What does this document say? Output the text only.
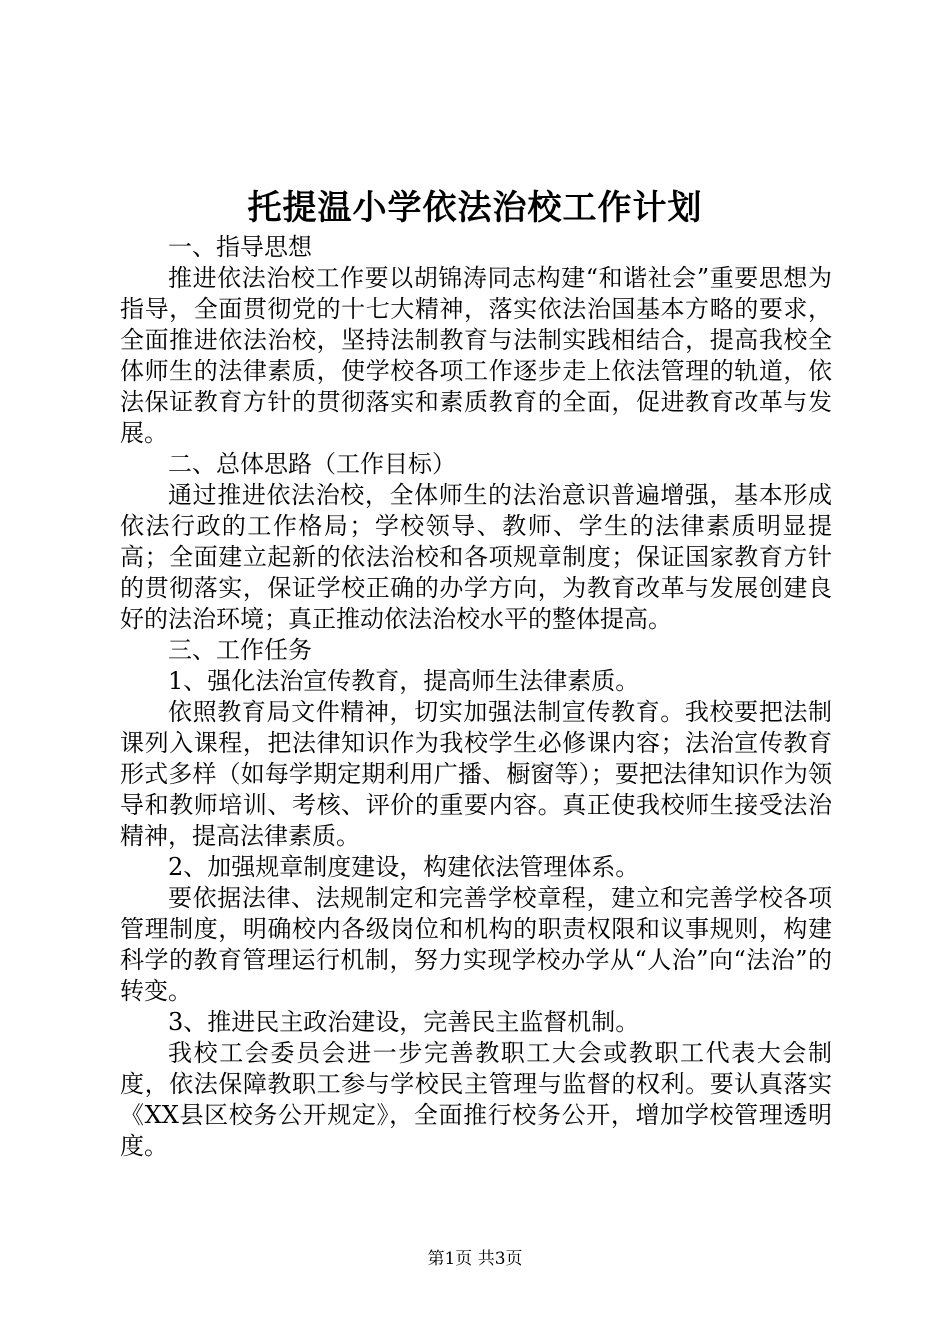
托提温小学依法治校工作计划

一、指导思想

推进依法治校工作要以胡锦涛同志构建“和谐社会”重要思想为指导，全面贯彻党的十七大精神，落实依法治国基本方略的要求，全面推进依法治校，坚持法制教育与法制实践相结合，提高我校全体师生的法律素质，使学校各项工作逐步走上依法管理的轨道，依法保证教育方针的贯彻落实和素质教育的全面，促进教育改革与发展。

二、总体思路（工作目标）

通过推进依法治校，全体师生的法治意识普遍增强，基本形成依法行政的工作格局；学校领导、教师、学生的法律素质明显提高；全面建立起新的依法治校和各项规章制度；保证国家教育方针的贯彻落实，保证学校正确的办学方向，为教育改革与发展创建良好的法治环境；真正推动依法治校水平的整体提高。

三、工作任务

1、强化法治宣传教育，提高师生法律素质。

依照教育局文件精神，切实加强法制宣传教育。我校要把法制课列入课程，把法律知识作为我校学生必修课内容；法治宣传教育形式多样（如每学期定期利用广播、橱窗等）；要把法律知识作为领导和教师培训、考核、评价的重要内容。真正使我校师生接受法治精神，提高法律素质。

2、加强规章制度建设，构建依法管理体系。

要依据法律、法规制定和完善学校章程，建立和完善学校各项管理制度，明确校内各级岗位和机构的职责权限和议事规则，构建科学的教育管理运行机制，努力实现学校办学从“人治”向“法治”的转变。

3、推进民主政治建设，完善民主监督机制。

我校工会委员会进一步完善教职工大会或教职工代表大会制度，依法保障教职工参与学校民主管理与监督的权利。要认真落实《XX县区校务公开规定》，全面推行校务公开，增加学校管理透明度。

第1页 共3页
